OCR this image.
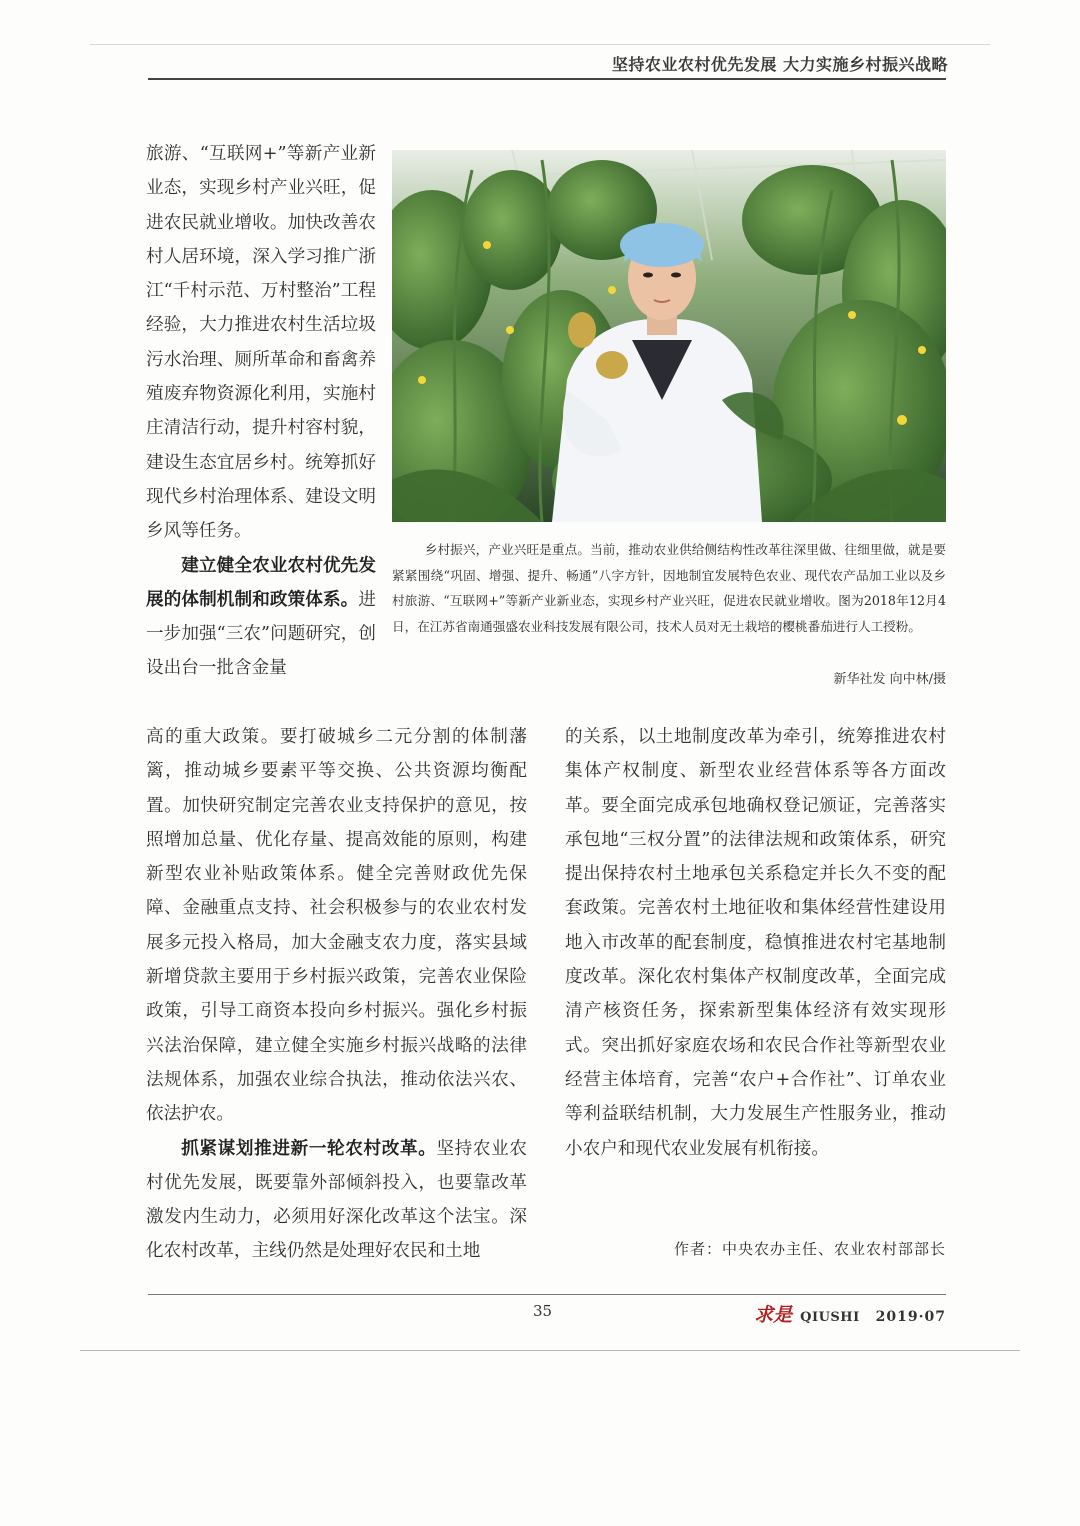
坚持农业农村优先发展 大力实施乡村振兴战略

旅游、“互联网+”等新产业新业态，实现乡村产业兴旺，促进农民就业增收。加快改善农村人居环境，深入学习推广浙江“千村示范、万村整治”工程经验，大力推进农村生活垃圾污水治理、厕所革命和畜禽养殖废弃物资源化利用，实施村庄清洁行动，提升村容村貌，建设生态宜居乡村。统筹抓好现代乡村治理体系、建设文明乡风等任务。

建立健全农业农村优先发展的体制机制和政策体系。进一步加强“三农”问题研究，创设出台一批含金量

乡村振兴，产业兴旺是重点。当前，推动农业供给侧结构性改革往深里做、往细里做，就是要紧紧围绕“巩固、增强、提升、畅通”八字方针，因地制宜发展特色农业、现代农产品加工业以及乡村旅游、“互联网+”等新产业新业态，实现乡村产业兴旺，促进农民就业增收。图为2018年12月4日，在江苏省南通强盛农业科技发展有限公司，技术人员对无土栽培的樱桃番茄进行人工授粉。

新华社发 向中林/摄

高的重大政策。要打破城乡二元分割的体制藩篱，推动城乡要素平等交换、公共资源均衡配置。加快研究制定完善农业支持保护的意见，按照增加总量、优化存量、提高效能的原则，构建新型农业补贴政策体系。健全完善财政优先保障、金融重点支持、社会积极参与的农业农村发展多元投入格局，加大金融支农力度，落实县域新增贷款主要用于乡村振兴政策，完善农业保险政策，引导工商资本投向乡村振兴。强化乡村振兴法治保障，建立健全实施乡村振兴战略的法律法规体系，加强农业综合执法，推动依法兴农、依法护农。

抓紧谋划推进新一轮农村改革。坚持农业农村优先发展，既要靠外部倾斜投入，也要靠改革激发内生动力，必须用好深化改革这个法宝。深化农村改革，主线仍然是处理好农民和土地

的关系，以土地制度改革为牵引，统筹推进农村集体产权制度、新型农业经营体系等各方面改革。要全面完成承包地确权登记颁证，完善落实承包地“三权分置”的法律法规和政策体系，研究提出保持农村土地承包关系稳定并长久不变的配套政策。完善农村土地征收和集体经营性建设用地入市改革的配套制度，稳慎推进农村宅基地制度改革。深化农村集体产权制度改革，全面完成清产核资任务，探索新型集体经济有效实现形式。突出抓好家庭农场和农民合作社等新型农业经营主体培育，完善“农户+合作社”、订单农业等利益联结机制，大力发展生产性服务业，推动小农户和现代农业发展有机衔接。

作者：中央农办主任、农业农村部部长
35	求是 QIUSHI 2019·07
